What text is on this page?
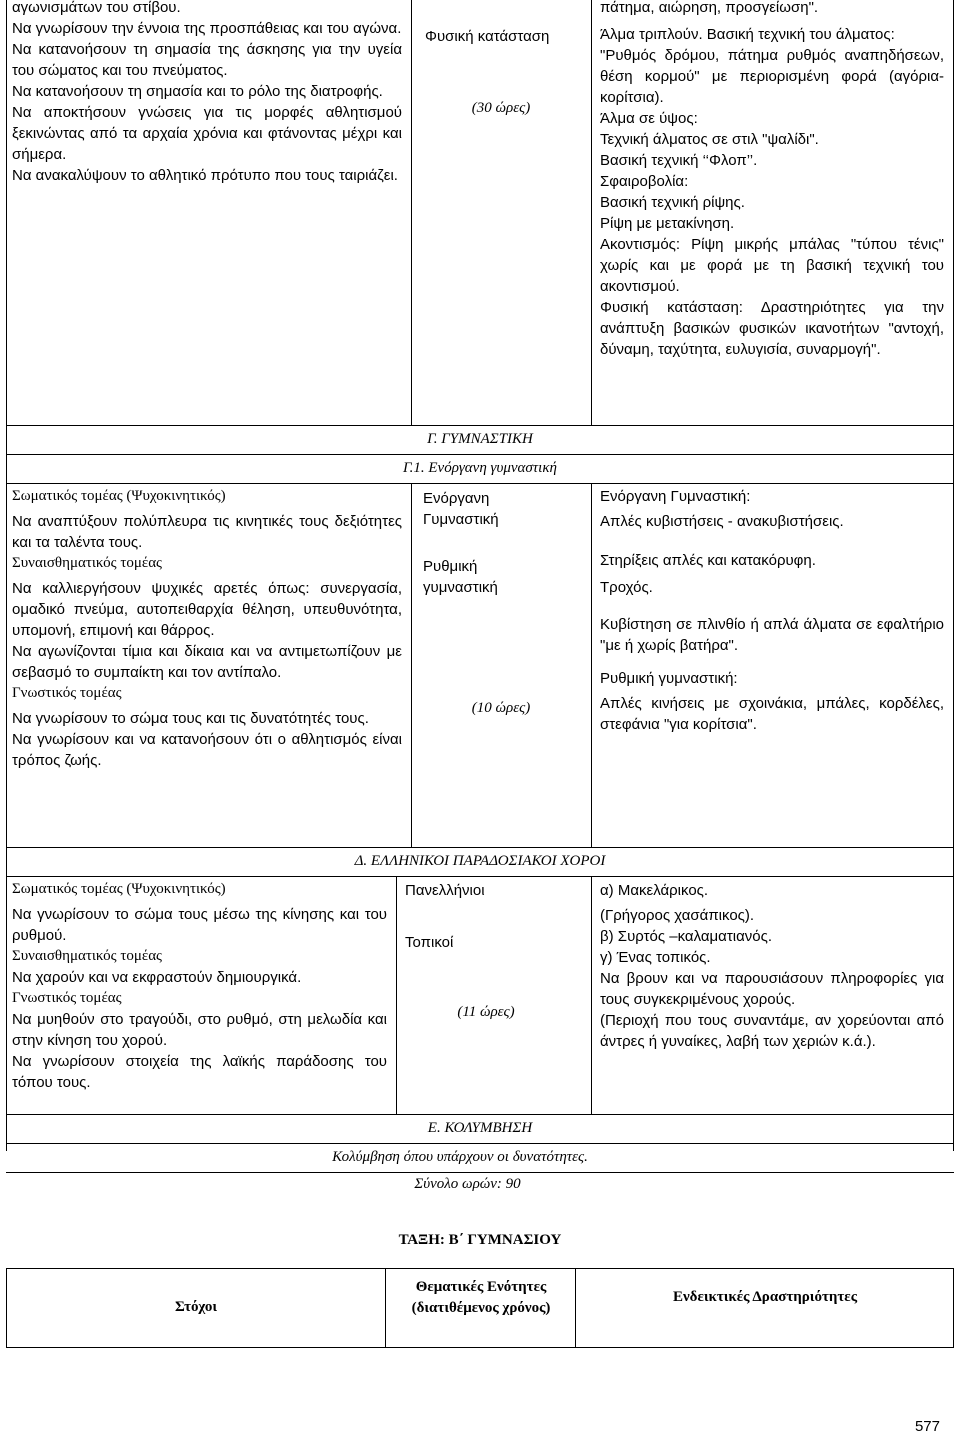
αγωνισμάτων του στίβου.
Να γνωρίσουν την έννοια της προσπάθειας και του αγώνα.
Να κατανοήσουν τη σημασία της άσκησης για την υγεία του σώματος και του πνεύματος.
Να κατανοήσουν τη σημασία και το ρόλο της διατροφής.
Να αποκτήσουν γνώσεις για τις μορφές αθλητισμού ξεκινώντας από τα αρχαία χρόνια και φτάνοντας μέχρι και σήμερα.
Να ανακαλύψουν το αθλητικό πρότυπο που τους ταιριάζει.
Φυσική κατάσταση
(30 ώρες)
πάτημα, αιώρηση, προσγείωση".
Άλμα τριπλούν. Βασική τεχνική του άλματος:
"Ρυθμός δρόμου, πάτημα ρυθμός αναπηδήσεων, θέση κορμού" με περιορισμένη φορά (αγόρια- κορίτσια).
Άλμα σε ύψος:
Τεχνική άλματος σε στιλ "ψαλίδι".
Βασική τεχνική ‘‘Φλοπ’’.
Σφαιροβολία:
Βασική τεχνική ρίψης.
Ρίψη με μετακίνηση.
Ακοντισμός: Ρίψη μικρής μπάλας "τύπου τένις" χωρίς και με φορά με τη βασική τεχνική του ακοντισμού.
Φυσική κατάσταση: Δραστηριότητες για την ανάπτυξη βασικών φυσικών ικανοτήτων "αντοχή, δύναμη, ταχύτητα, ευλυγισία, συναρμογή".
Γ. ΓΥΜΝΑΣΤΙΚΗ
Γ.1. Ενόργανη γυμναστική
Σωματικός τομέας (Ψυχοκινητικός)
Να αναπτύξουν πολύπλευρα τις κινητικές τους δεξιότητες και τα ταλέντα τους.
Συναισθηματικός τομέας
Να καλλιεργήσουν ψυχικές αρετές όπως: συνεργασία, ομαδικό πνεύμα, αυτοπειθαρχία θέληση, υπευθυνότητα, υπομονή, επιμονή και θάρρος.
Να αγωνίζονται τίμια και δίκαια και να αντιμετωπίζουν με σεβασμό το συμπαίκτη και τον αντίπαλο.
Γνωστικός τομέας
Να γνωρίσουν το σώμα τους και τις δυνατότητές τους.
Να γνωρίσουν και να κατανοήσουν ότι ο αθλητισμός είναι τρόπος ζωής.
Ενόργανη Γυμναστική
Ρυθμική γυμναστική
(10 ώρες)
Ενόργανη Γυμναστική:
Απλές κυβιστήσεις - ανακυβιστήσεις.
Στηρίξεις απλές και κατακόρυφη.
Τροχός.
Κυβίστηση σε πλινθίο ή απλά άλματα σε εφαλτήριο "με ή χωρίς βατήρα".
Ρυθμική γυμναστική:
Απλές κινήσεις με σχοινάκια, μπάλες, κορδέλες, στεφάνια "για κορίτσια".
Δ. ΕΛΛΗΝΙΚΟΙ ΠΑΡΑΔΟΣΙΑΚΟΙ ΧΟΡΟΙ
Σωματικός τομέας (Ψυχοκινητικός)
Να γνωρίσουν το σώμα τους μέσω της κίνησης και του ρυθμού.
Συναισθηματικός τομέας
Να χαρούν και να εκφραστούν δημιουργικά.
Γνωστικός τομέας
Να μυηθούν στο τραγούδι, στο ρυθμό, στη μελωδία και στην κίνηση του χορού.
Να γνωρίσουν στοιχεία της λαϊκής παράδοσης του τόπου τους.
Πανελλήνιοι
Τοπικοί
(11 ώρες)
α) Μακελάρικος.
(Γρήγορος χασάπικος).
β) Συρτός –καλαματιανός.
γ) Ένας τοπικός.
Να βρουν και να παρουσιάσουν πληροφορίες για τους συγκεκριμένους χορούς.
(Περιοχή που τους συναντάμε, αν χορεύονται από άντρες ή γυναίκες, λαβή των χεριών κ.ά.).
Ε. ΚΟΛΥΜΒΗΣΗ
Κολύμβηση όπου υπάρχουν οι δυνατότητες.
Σύνολο ωρών: 90
ΤΑΞΗ: Β΄ ΓΥΜΝΑΣΙΟΥ
Στόχοι
Θεματικές Ενότητες (διατιθέμενος χρόνος)
Ενδεικτικές Δραστηριότητες
577
